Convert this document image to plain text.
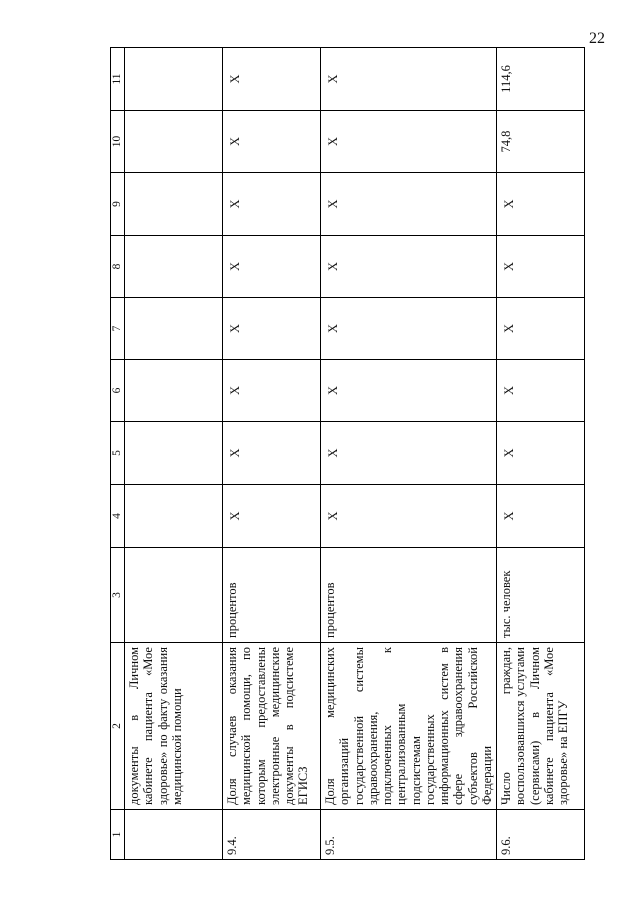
22
1	2	3	4	5	6	7	8	9	10	11
	документы в Личном кабинете пациента «Мое здоровье» по факту оказания медицинской помощи									
9.4.	Доля случаев оказания медицинской помощи, по которым предоставлены электронные медицинские документы в подсистеме ЕГИСЗ	процентов	Х	Х	Х	Х	Х	Х	Х	Х
9.5.	Доля медицинских организаций государственной системы здравоохранения, подключенных к централизованным подсистемам государственных информационных систем в сфере здравоохранения субъектов Российской Федерации	процентов	Х	Х	Х	Х	Х	Х	Х	Х
9.6.	Число граждан, воспользовавшихся услугами (сервисами) в Личном кабинете пациента «Мое здоровье» на ЕПГУ	тыс. человек	Х	Х	Х	Х	Х	Х	74,8	114,6
